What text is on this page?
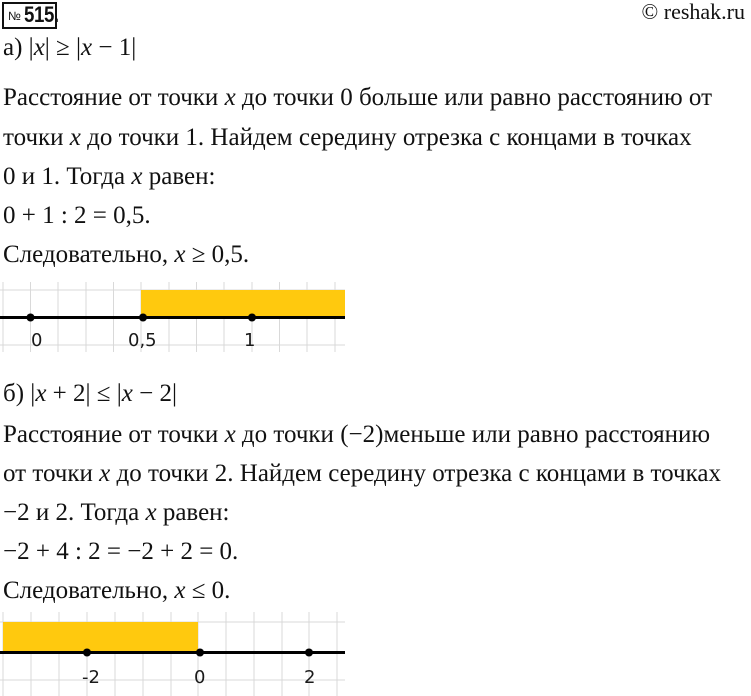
№ 515.	© reshak.ru
а) |x| ≥ |x − 1|
Расстояние от точки x до точки 0 больше или равно расстоянию от
точки x до точки 1. Найдем середину отрезка с концами в точках
0 и 1. Тогда x равен:
0 + 1 : 2 = 0,5.
Следовательно, x ≥ 0,5.
0	0,5	1
б) |x + 2| ≤ |x − 2|
Расстояние от точки x до точки (−2)меньше или равно расстоянию
от точки x до точки 2. Найдем середину отрезка с концами в точках
−2 и 2. Тогда x равен:
−2 + 4 : 2 = −2 + 2 = 0.
Следовательно, x ≤ 0.
-2	0	2
